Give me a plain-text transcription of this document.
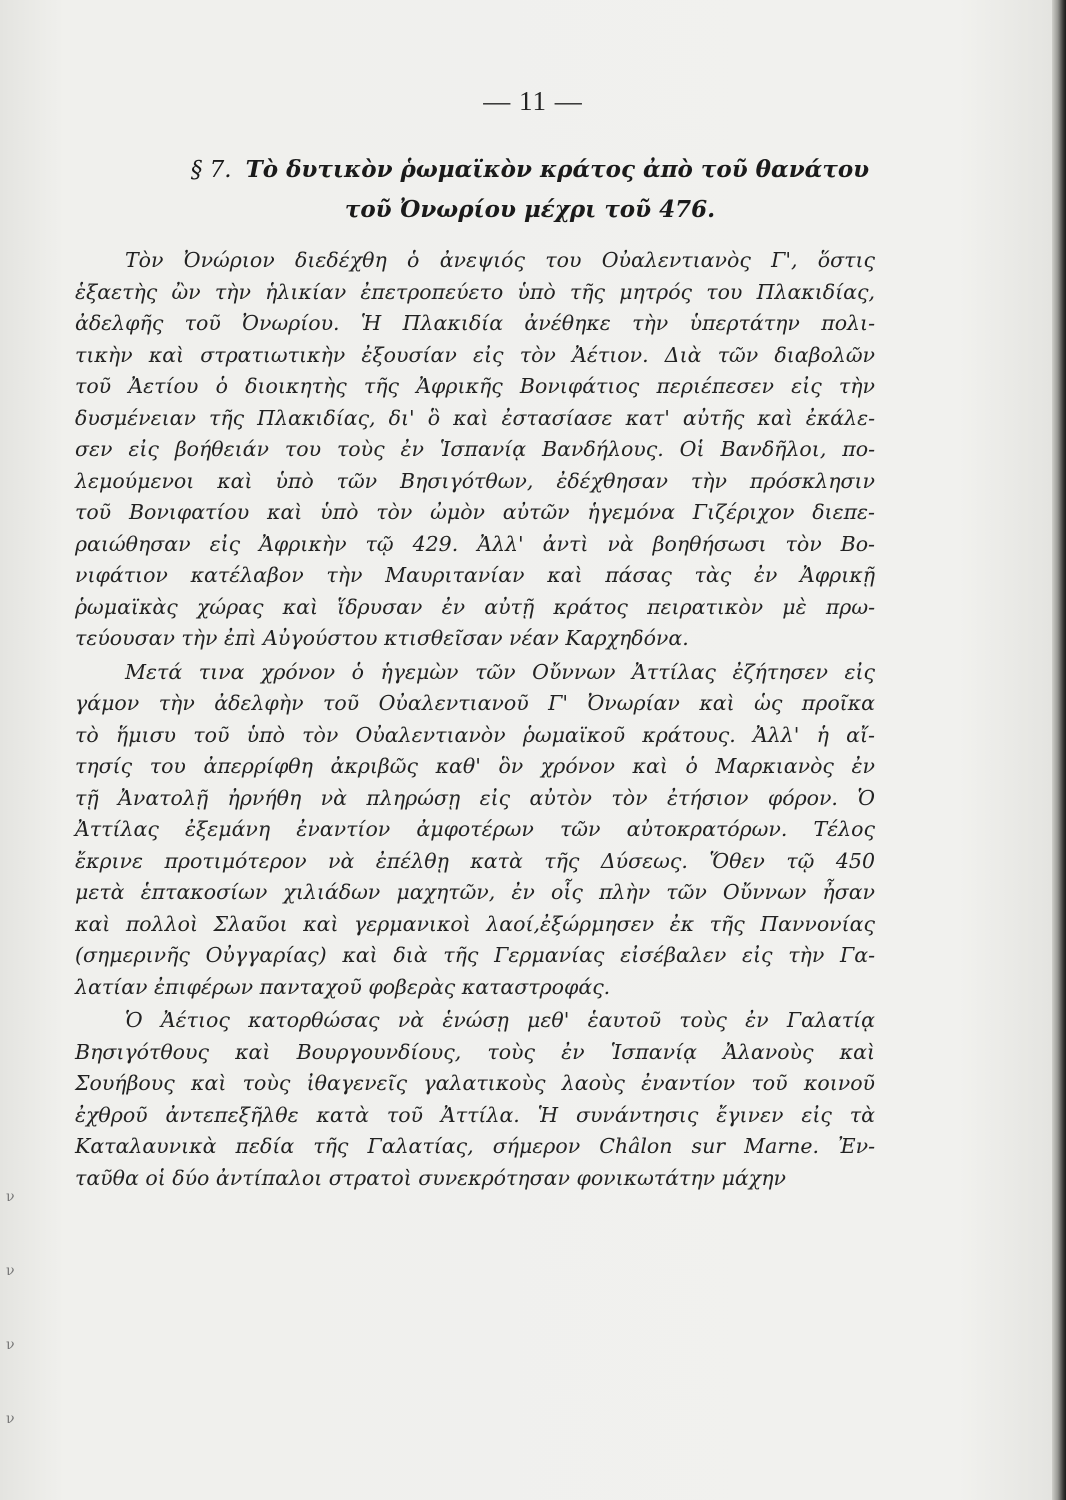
ν
ν
ν
ν
— 11 —
§ 7. Τὸ δυτικὸν ῥωμαϊκὸν κράτος ἀπὸ τοῦ θανάτου
τοῦ Ὀνωρίου μέχρι τοῦ 476.
Τὸν Ὀνώριον διεδέχθη ὁ ἀνεψιός του Οὐαλεντιανὸς Γ', ὅστις
ἑξαετὴς ὢν τὴν ἡλικίαν ἐπετροπεύετο ὑπὸ τῆς μητρός του Πλακιδίας,
ἀδελφῆς τοῦ Ὀνωρίου. Ἡ Πλακιδία ἀνέθηκε τὴν ὑπερτάτην πολι-
τικὴν καὶ στρατιωτικὴν ἐξουσίαν εἰς τὸν Ἀέτιον. Διὰ τῶν διαβολῶν
τοῦ Ἀετίου ὁ διοικητὴς τῆς Ἀφρικῆς Βονιφάτιος περιέπεσεν εἰς τὴν
δυσμένειαν τῆς Πλακιδίας, δι' ὃ καὶ ἐστασίασε κατ' αὐτῆς καὶ ἐκάλε-
σεν εἰς βοήθειάν του τοὺς ἐν Ἱσπανίᾳ Βανδήλους. Οἱ Βανδῆλοι, πο-
λεμούμενοι καὶ ὑπὸ τῶν Βησιγότθων, ἐδέχθησαν τὴν πρόσκλησιν
τοῦ Βονιφατίου καὶ ὑπὸ τὸν ὠμὸν αὐτῶν ἡγεμόνα Γιζέριχον διεπε-
ραιώθησαν εἰς Ἀφρικὴν τῷ 429. Ἀλλ' ἀντὶ νὰ βοηθήσωσι τὸν Βο-
νιφάτιον κατέλαβον τὴν Μαυριτανίαν καὶ πάσας τὰς ἐν Ἀφρικῇ
ῥωμαϊκὰς χώρας καὶ ἵδρυσαν ἐν αὐτῇ κράτος πειρατικὸν μὲ πρω-
τεύουσαν τὴν ἐπὶ Αὐγούστου κτισθεῖσαν νέαν Καρχηδόνα.
Μετά τινα χρόνον ὁ ἡγεμὼν τῶν Οὔννων Ἀττίλας ἐζήτησεν εἰς
γάμον τὴν ἀδελφὴν τοῦ Οὐαλεντιανοῦ Γ' Ὀνωρίαν καὶ ὡς προῖκα
τὸ ἥμισυ τοῦ ὑπὸ τὸν Οὐαλεντιανὸν ῥωμαϊκοῦ κράτους. Ἀλλ' ἡ αἴ-
τησίς του ἀπερρίφθη ἀκριβῶς καθ' ὃν χρόνον καὶ ὁ Μαρκιανὸς ἐν
τῇ Ἀνατολῇ ἠρνήθη νὰ πληρώσῃ εἰς αὐτὸν τὸν ἐτήσιον φόρον. Ὁ
Ἀττίλας ἐξεμάνη ἐναντίον ἀμφοτέρων τῶν αὐτοκρατόρων. Τέλος
ἔκρινε προτιμότερον νὰ ἐπέλθῃ κατὰ τῆς Δύσεως. Ὅθεν τῷ 450
μετὰ ἑπτακοσίων χιλιάδων μαχητῶν, ἐν οἷς πλὴν τῶν Οὔννων ἦσαν
καὶ πολλοὶ Σλαῦοι καὶ γερμανικοὶ λαοί,ἐξώρμησεν ἐκ τῆς Παννονίας
(σημερινῆς Οὐγγαρίας) καὶ διὰ τῆς Γερμανίας εἰσέβαλεν εἰς τὴν Γα-
λατίαν ἐπιφέρων πανταχοῦ φοβερὰς καταστροφάς.
Ὁ Ἀέτιος κατορθώσας νὰ ἑνώσῃ μεθ' ἑαυτοῦ τοὺς ἐν Γαλατίᾳ
Βησιγότθους καὶ Βουργουνδίους, τοὺς ἐν Ἱσπανίᾳ Ἀλανοὺς καὶ
Σουήβους καὶ τοὺς ἰθαγενεῖς γαλατικοὺς λαοὺς ἐναντίον τοῦ κοινοῦ
ἐχθροῦ ἀντεπεξῆλθε κατὰ τοῦ Ἀττίλα. Ἡ συνάντησις ἔγινεν εἰς τὰ
Καταλαυνικὰ πεδία τῆς Γαλατίας, σήμερον Châlon sur Marne. Ἐν-
ταῦθα οἱ δύο ἀντίπαλοι στρατοὶ συνεκρότησαν φονικωτάτην μάχην
